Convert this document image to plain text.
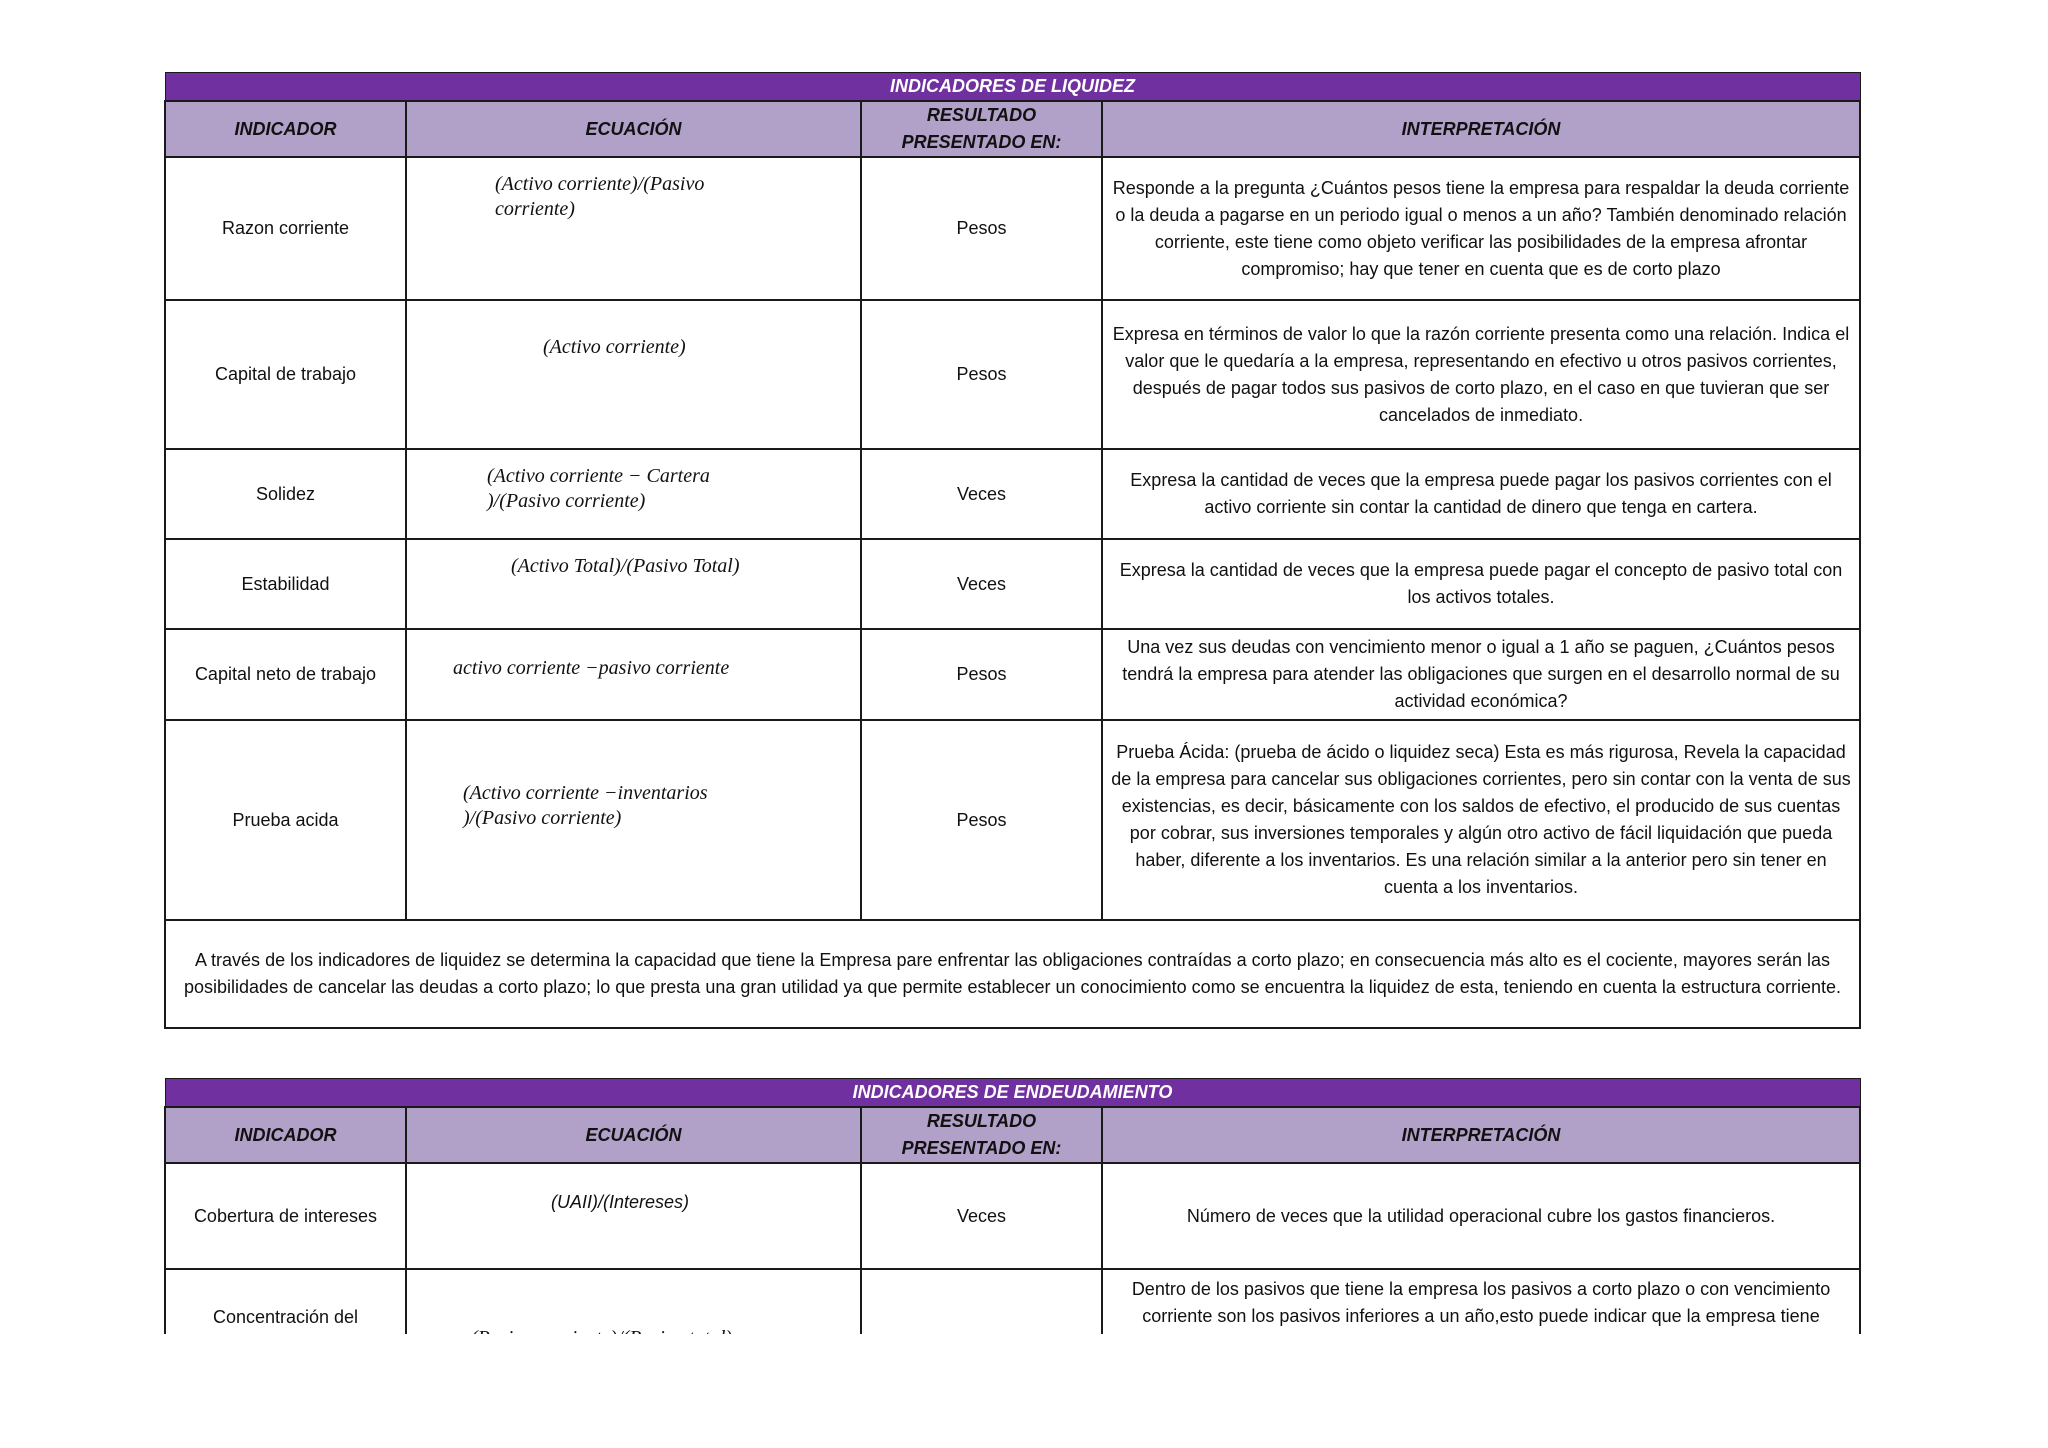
INDICADORES DE LIQUIDEZ			
INDICADOR	ECUACIÓN	RESULTADO PRESENTADO EN:	INTERPRETACIÓN
Razon corriente	(Activo corriente)/(Pasivo corriente)	Pesos	Responde a la pregunta ¿Cuántos pesos tiene la empresa para respaldar la deuda corriente o la deuda a pagarse en un periodo igual o menos a un año? También denominado relación corriente, este tiene como objeto verificar las posibilidades de la empresa afrontar compromiso; hay que tener en cuenta que es de corto plazo
Capital de trabajo	(Activo corriente)	Pesos	Expresa en términos de valor lo que la razón corriente presenta como una relación. Indica el valor que le quedaría a la empresa, representando en efectivo u otros pasivos corrientes, después de pagar todos sus pasivos de corto plazo, en el caso en que tuvieran que ser cancelados de inmediato.
Solidez	(Activo corriente − Cartera )/(Pasivo corriente)	Veces	Expresa la cantidad de veces que la empresa puede pagar los pasivos corrientes con el activo corriente sin contar la cantidad de dinero que tenga en cartera.
Estabilidad	(Activo Total)/(Pasivo Total)	Veces	Expresa la cantidad de veces que la empresa puede pagar el concepto de pasivo total con los activos totales.
Capital neto de trabajo	activo corriente −pasivo corriente	Pesos	Una vez sus deudas con vencimiento menor o igual a 1 año se paguen, ¿Cuántos pesos tendrá la empresa para atender las obligaciones que surgen en el desarrollo normal de su actividad económica?
Prueba acida	(Activo corriente −inventarios )/(Pasivo corriente)	Pesos	Prueba Ácida: (prueba de ácido o liquidez seca) Esta es más rigurosa, Revela la capacidad de la empresa para cancelar sus obligaciones corrientes, pero sin contar con la venta de sus existencias, es decir, básicamente con los saldos de efectivo, el producido de sus cuentas por cobrar, sus inversiones temporales y algún otro activo de fácil liquidación que pueda haber, diferente a los inventarios. Es una relación similar a la anterior pero sin tener en cuenta a los inventarios.
A través de los indicadores de liquidez se determina la capacidad que tiene la Empresa pare enfrentar las obligaciones contraídas a corto plazo; en consecuencia más alto es el cociente, mayores serán las posibilidades de cancelar las deudas a corto plazo; lo que presta una gran utilidad ya que permite establecer un conocimiento como se encuentra la liquidez de esta, teniendo en cuenta la estructura corriente.			
INDICADORES DE ENDEUDAMIENTO			
INDICADOR	ECUACIÓN	RESULTADO PRESENTADO EN:	INTERPRETACIÓN
Cobertura de intereses	(UAII)/(Intereses)	Veces	Número de veces que la utilidad operacional cubre los gastos financieros.
Concentración del			Dentro de los pasivos que tiene la empresa los pasivos a corto plazo o con vencimiento corriente son los pasivos inferiores a un año,esto puede indicar que la empresa tiene
